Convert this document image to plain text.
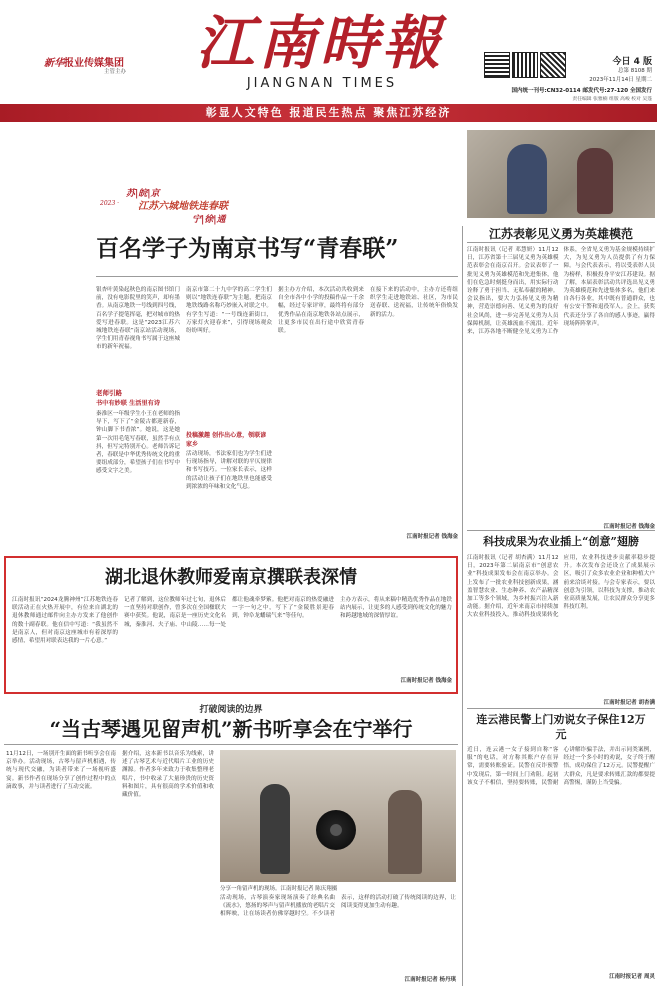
新华报业传媒集团
主管主办 江南時報
JIANGNAN TIMES
今日 4 版
总第 8108 期
2023年11月14日 星期二
国内统一刊号:CN32-0114 邮发代号:27-120 全国发行
责任编辑 张雅楠 组版 高峻 校对 吴蓬
彰显人文特色 报道民生热点 聚焦江苏经济
苏|皖|京
2023 · 江苏六城地铁连春联
宁|徐|通
百名学子为南京书写“青春联”
银杏叶黄染起秋色的南京图书馆门前，没有电影院里的笑声，却有墨香。从南京地铁一号线到四号线，百名学子提笔挥毫，把对城市的热爱写进春联。这是“2023江苏六城地铁连春联”南京站活动现场，学生们用青春视角书写属于这座城市的新年祝福。
老师引路
书中有妙联 生活里有诗
秦淮区一年级学生小王在老师的指导下，写下了“金陵古都迎新春，钟山脚下书香浓”。她说，这是她第一次用毛笔写春联，虽然手有点抖，但写完特别开心。老师告诉记者，春联是中华优秀传统文化的重要组成部分，希望孩子们在书写中感受文字之美。
南京市第二十九中学的高二学生们则以“地铁连春联”为主题，把南京地铁线路名称巧妙嵌入对联之中。有学生写道：“一号线连新街口，万家灯火迎春来”，引得现场观众纷纷叫好。
投稿激趣 创作出心意，领联谚家乡
活动现场，书法家们也为学生们进行现场指导，讲解对联的平仄规律和书写技巧。一位家长表示，这样的活动让孩子们在地铁里也能感受到浓浓的年味和文化气息。
据主办方介绍，本次活动共收到来自全市各中小学的投稿作品一千余幅，经过专家评审，最终将有部分优秀作品在南京地铁各站点展示，让更多市民在出行途中欣赏青春联。
在接下来的活动中，主办方还将组织学生走进地铁站、社区，为市民送春联、送祝福，让传统年俗焕发新的活力。
江南时报记者 钱海金
江苏表彰见义勇为英雄模范
江南时报讯（记者 邓慧妍）11月12日，江苏省第十三届见义勇为英雄模范表彰会在南京召开。会议表彰了一批见义勇为英雄模范和先进集体，他们在危急时刻挺身而出，用实际行动诠释了勇于担当、无私奉献的精神。会议指出，要大力弘扬见义勇为精神，营造崇德向善、见义勇为的良好社会风尚，进一步完善见义勇为人员保障机制，让英雄流血不流泪。近年来，江苏各地不断健全见义勇为工作体系，全省见义勇为基金规模持续扩大，为见义勇为人员提供了有力保障。与会代表表示，将以受表彰人员为榜样，积极投身平安江苏建设。据了解，本届表彰活动共评选出见义勇为英雄模范和先进集体多名，他们来自各行各业，其中既有普通群众，也有公安干警和退役军人。会上，获奖代表还分享了各自的感人事迹，赢得现场阵阵掌声。
江南时报记者 钱海金
科技成果为农业插上“创意”翅膀
江南时报讯（记者 胡杏满）11月12日，2023年第二届南京市“创意农业”科技成果发布会在南京举办。会上发布了一批农业科技创新成果，涵盖智慧农业、生态种养、农产品精深加工等多个领域，为乡村振兴注入新动能。据介绍，近年来南京市持续加大农业科技投入，推动科技成果转化应用，农业科技进步贡献率稳步提升。本次发布会还设立了成果展示区，吸引了众多农业企业和种植大户前来洽谈对接。与会专家表示，要以创意为引领，以科技为支撑，推动农业高质量发展，让农民群众分享更多科技红利。
江南时报记者 胡杏满
湖北退休教师爱南京撰联表深情
江南时报讯“2024龙腾神州”江苏地铁连春联活动正在火热开展中，有位来自湖北的退休教师通过邮件向主办方发来了他创作的数十副春联。他在信中写道：“我虽然不是南京人，但对南京这座城市有着深厚的感情，希望用对联表达我的一片心意。”
记者了解到，这位教师年过七旬，退休后一直坚持对联创作，曾多次在全国楹联大赛中获奖。他说，南京是一座历史文化名城，秦淮河、夫子庙、中山陵……每一处都让他魂牵梦萦。他把对南京的热爱融进一字一句之中，写下了“金陵胜景迎春到，钟阜龙蟠瑞气来”等佳句。
主办方表示，将从来稿中精选优秀作品在地铁站内展示，让更多的人感受到传统文化的魅力和跨越地域的深情厚谊。
江南时报记者 钱海金
打破阅读的边界
“当古琴遇见留声机”新书听享会在宁举行
11月12日，一场别开生面的新书听享会在南京举办。活动现场，古琴与留声机相遇，传统与现代交融，为读者带来了一场视听盛宴。新书作者在现场分享了创作过程中的点滴故事，并与读者进行了互动交流。
据介绍，这本新书以音乐为线索，讲述了古琴艺术与近代唱片工业的历史渊源。作者多年来致力于收集整理老唱片，书中收录了大量珍贵的历史资料和图片，具有很高的学术价值和收藏价值。
分享一角留声机的现场。江南时报记者 陈庆翔摄
活动现场，古琴演奏家现场演奏了经典名曲《流水》，悠扬的琴声与留声机播放的老唱片交相辉映，让在场读者仿佛穿越时空。不少读者表示，这样的活动打破了传统阅读的边界，让阅读变得更加生动有趣。
江南时报记者 杨丹琪
连云港民警上门劝说女子保住12万元
近日，连云港一女子接到自称“客服”的电话，对方称其账户存在异常，需要转账验证。民警在反诈预警中发现后，第一时间上门劝阻。起初该女子不相信，坚持要转账，民警耐心讲解诈骗手法，并出示同类案例，经过一个多小时的劝说，女子终于醒悟，成功保住了12万元。民警提醒广大群众，凡是要求转账汇款的都要提高警惕，谨防上当受骗。
江南时报记者 周灵
